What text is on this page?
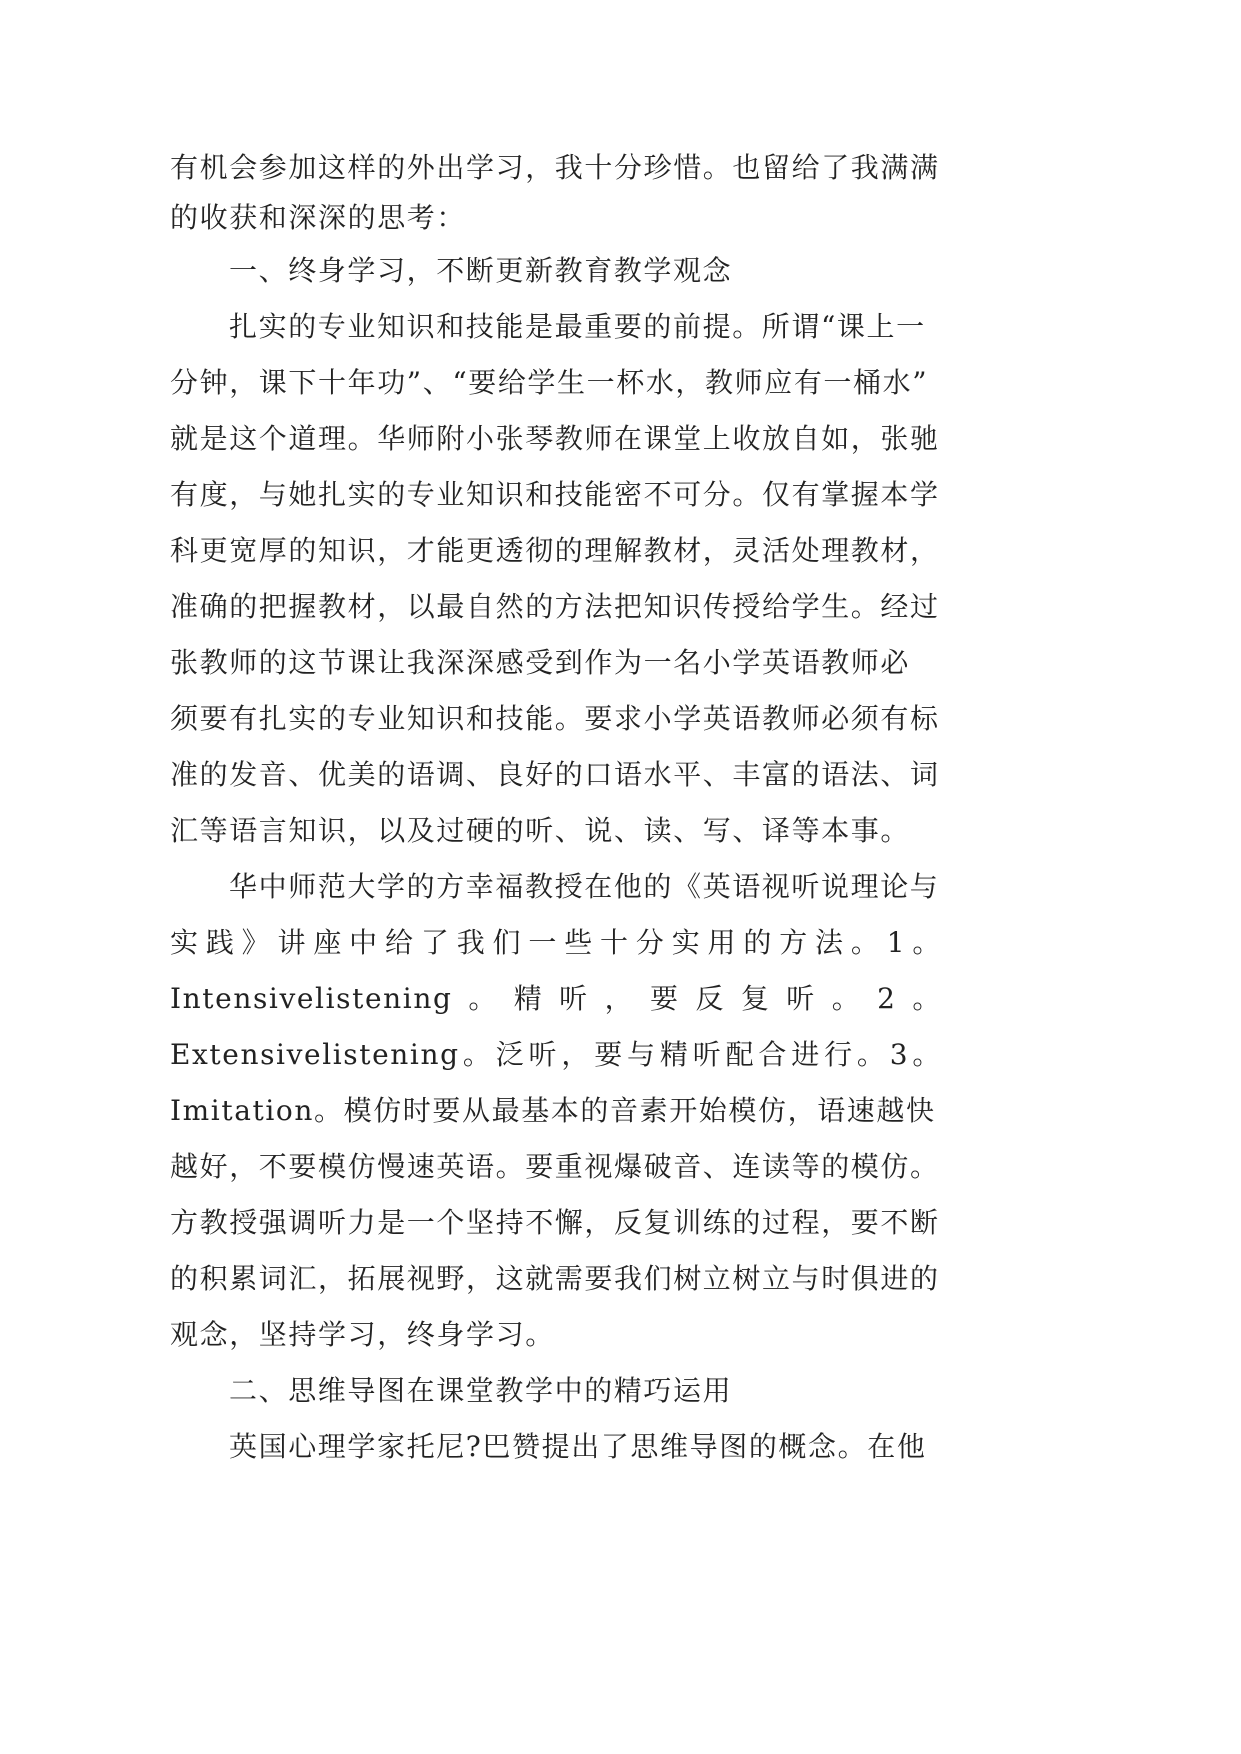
有机会参加这样的外出学习，我十分珍惜。也留给了我满满
的收获和深深的思考：
一、终身学习，不断更新教育教学观念
扎实的专业知识和技能是最重要的前提。所谓“课上一
分钟，课下十年功”、“要给学生一杯水，教师应有一桶水”
就是这个道理。华师附小张琴教师在课堂上收放自如，张驰
有度，与她扎实的专业知识和技能密不可分。仅有掌握本学
科更宽厚的知识，才能更透彻的理解教材，灵活处理教材，
准确的把握教材，以最自然的方法把知识传授给学生。经过
张教师的这节课让我深深感受到作为一名小学英语教师必
须要有扎实的专业知识和技能。要求小学英语教师必须有标
准的发音、优美的语调、良好的口语水平、丰富的语法、词
汇等语言知识，以及过硬的听、说、读、写、译等本事。
华中师范大学的方幸福教授在他的《英语视听说理论与
实践》讲座中给了我们一些十分实用的方法。1。
Intensivelistening。精听，要反复听。2。
Extensivelistening。泛听，要与精听配合进行。3。
Imitation。模仿时要从最基本的音素开始模仿，语速越快
越好，不要模仿慢速英语。要重视爆破音、连读等的模仿。
方教授强调听力是一个坚持不懈，反复训练的过程，要不断
的积累词汇，拓展视野，这就需要我们树立树立与时俱进的
观念，坚持学习，终身学习。
二、思维导图在课堂教学中的精巧运用
英国心理学家托尼?巴赞提出了思维导图的概念。在他
